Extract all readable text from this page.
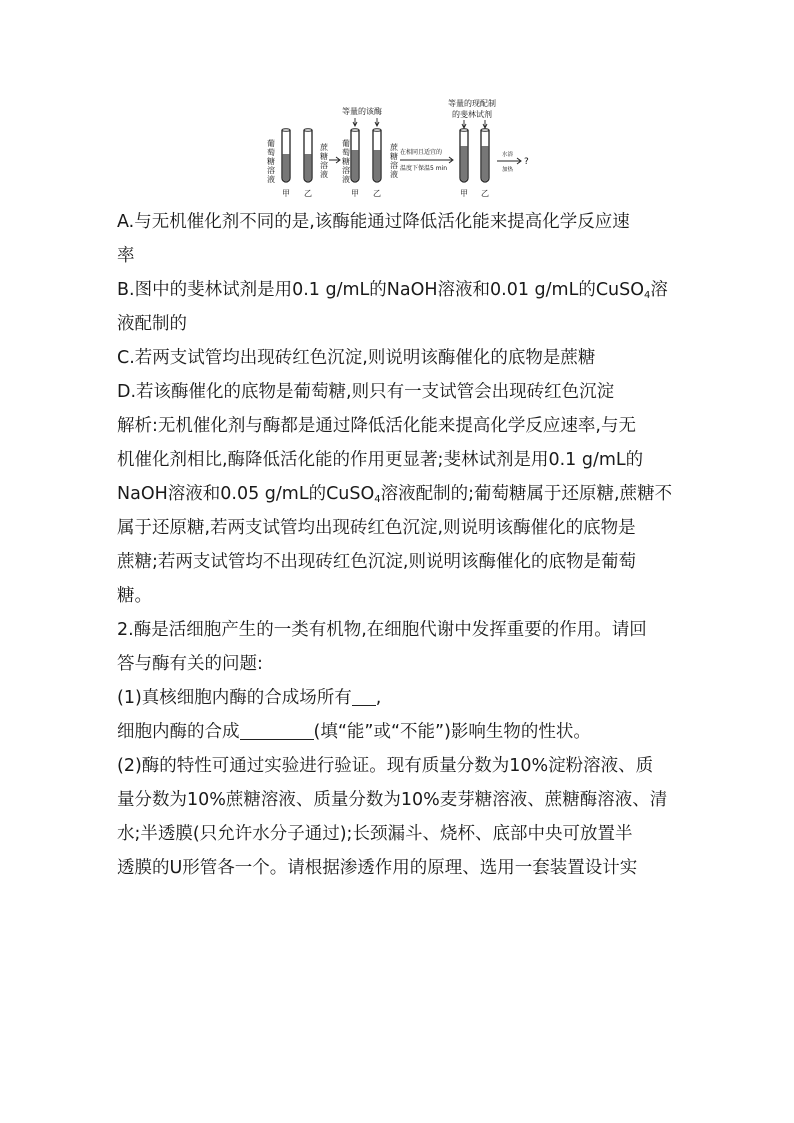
等量的该酶
等量的现配制
的斐林试剂
葡
萄
糖
溶
液
甲 乙
蔗
糖
溶
液
葡
萄
糖
溶
液
甲 乙
蔗
糖
溶
液
在相同且适宜的
温度下保温5 min
甲 乙
水浴
加热
?
A.与无机催化剂不同的是,该酶能通过降低活化能来提高化学反应速
率
B.图中的斐林试剂是用0.1 g/mL的NaOH溶液和0.01 g/mL的CuSO$_4$溶
液配制的
C.若两支试管均出现砖红色沉淀,则说明该酶催化的底物是蔗糖
D.若该酶催化的底物是葡萄糖,则只有一支试管会出现砖红色沉淀
解析:无机催化剂与酶都是通过降低活化能来提高化学反应速率,与无
机催化剂相比,酶降低活化能的作用更显著;斐林试剂是用0.1 g/mL的
NaOH溶液和0.05 g/mL的CuSO$_4$溶液配制的;葡萄糖属于还原糖,蔗糖不
属于还原糖,若两支试管均出现砖红色沉淀,则说明该酶催化的底物是
蔗糖;若两支试管均不出现砖红色沉淀,则说明该酶催化的底物是葡萄
糖。
2.酶是活细胞产生的一类有机物,在细胞代谢中发挥重要的作用。请回
答与酶有关的问题:
(1)真核细胞内酶的合成场所有 ,
细胞内酶的合成	(填“能”或“不能”)影响生物的性状。
(2)酶的特性可通过实验进行验证。现有质量分数为10%淀粉溶液、质
量分数为10%蔗糖溶液、质量分数为10%麦芽糖溶液、蔗糖酶溶液、清
水;半透膜(只允许水分子通过);长颈漏斗、烧杯、底部中央可放置半
透膜的U形管各一个。请根据渗透作用的原理、选用一套装置设计实
